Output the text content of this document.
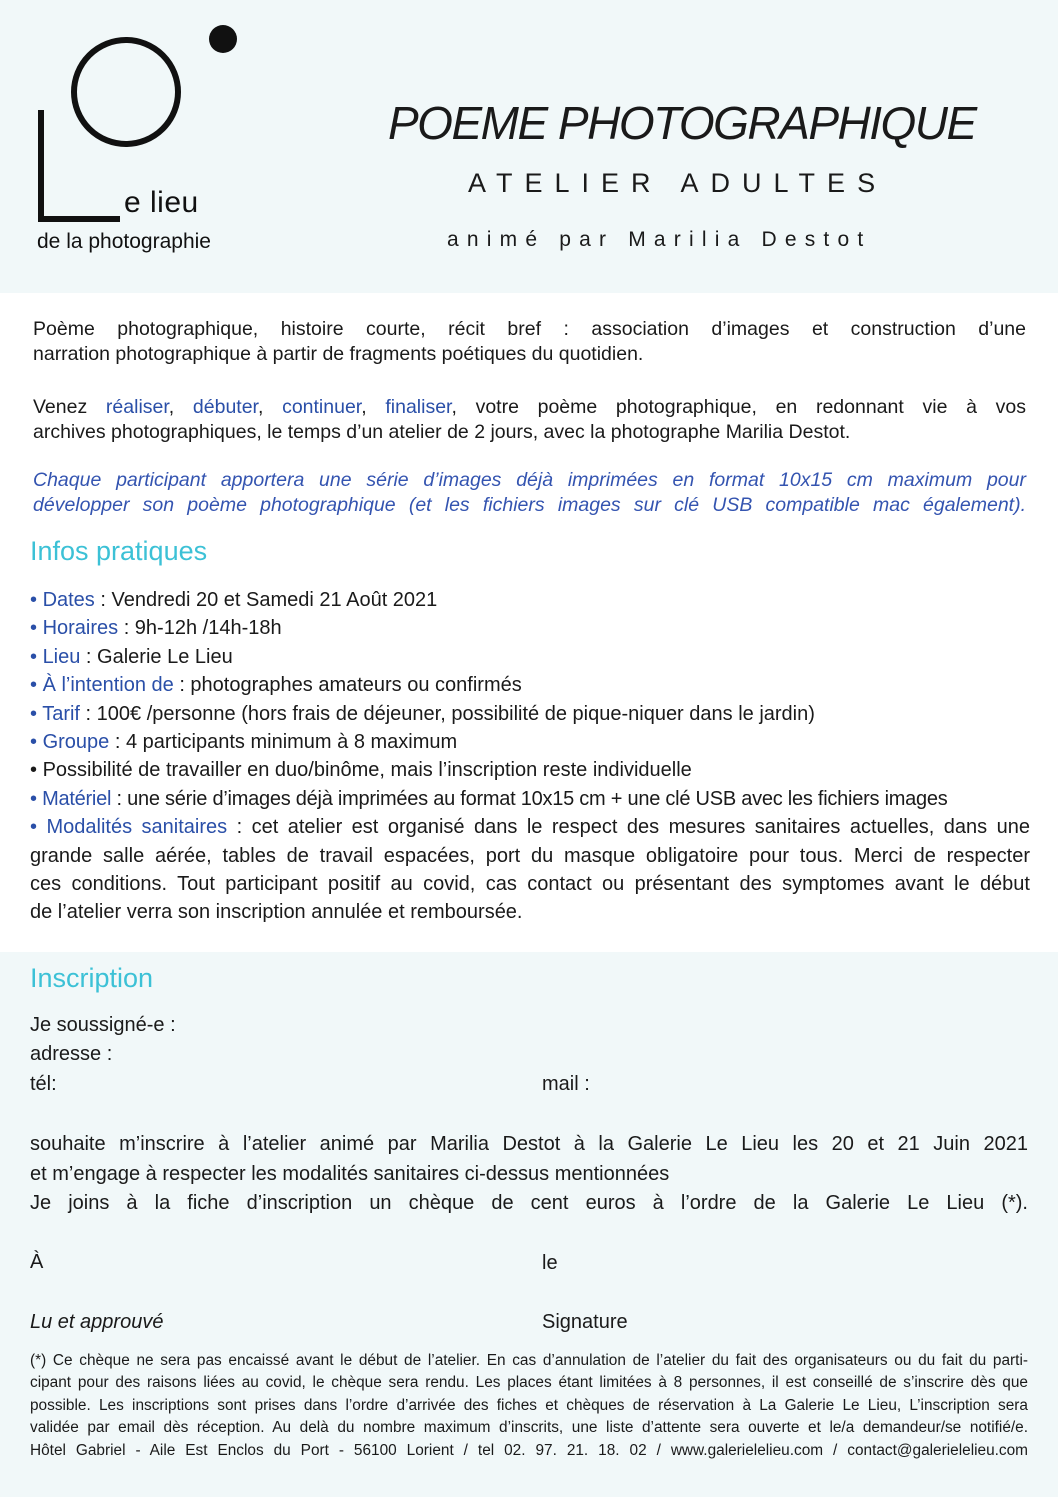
e lieu
de la photographie
POEME PHOTOGRAPHIQUE
ATELIER ADULTES
animé par Marilia Destot
Poème photographique, histoire courte, récit bref : association d’images et construction d’une
narration photographique à partir de fragments poétiques du quotidien.
Venez réaliser, débuter, continuer, finaliser, votre poème photographique, en redonnant vie à vos
archives photographiques, le temps d’un atelier de 2 jours, avec la photographe Marilia Destot.
Chaque participant apportera une série d’images déjà imprimées en format 10x15 cm maximum pour
développer son poème photographique (et les fichiers images sur clé USB compatible mac également).
Infos pratiques
• Dates : Vendredi 20 et Samedi 21 Août 2021
• Horaires : 9h-12h /14h-18h
• Lieu : Galerie Le Lieu
• À l’intention de : photographes amateurs ou confirmés
• Tarif : 100€ /personne (hors frais de déjeuner, possibilité de pique-niquer dans le jardin)
• Groupe : 4 participants minimum à 8 maximum
• Possibilité de travailler en duo/binôme, mais l’inscription reste individuelle
• Matériel : une série d’images déjà imprimées au format 10x15 cm + une clé USB avec les fichiers images
• Modalités sanitaires : cet atelier est organisé dans le respect des mesures sanitaires actuelles, dans une
grande salle aérée, tables de travail espacées, port du masque obligatoire pour tous. Merci de respecter
ces conditions. Tout participant positif au covid, cas contact ou présentant des symptomes avant le début
de l’atelier verra son inscription annulée et remboursée.
Inscription
Je soussigné-e :
adresse :
tél:	mail :
souhaite m’inscrire à l’atelier animé par Marilia Destot à la Galerie Le Lieu les 20 et 21 Juin 2021
et m’engage à respecter les modalités sanitaires ci-dessus mentionnées
Je joins à la fiche d’inscription un chèque de cent euros à l’ordre de la Galerie Le Lieu (*).
À	le
Lu et approuvé	Signature
(*) Ce chèque ne sera pas encaissé avant le début de l’atelier. En cas d’annulation de l’atelier du fait des organisateurs ou du fait du parti-
cipant pour des raisons liées au covid, le chèque sera rendu. Les places étant limitées à 8 personnes, il est conseillé de s’inscrire dès que
possible. Les inscriptions sont prises dans l’ordre d’arrivée des fiches et chèques de réservation à La Galerie Le Lieu, L’inscription sera
validée par email dès réception. Au delà du nombre maximum d’inscrits, une liste d’attente sera ouverte et le/a demandeur/se notifié/e.
Hôtel Gabriel - Aile Est Enclos du Port - 56100 Lorient / tel 02. 97. 21. 18. 02 / www.galerielelieu.com / contact@galerielelieu.com
